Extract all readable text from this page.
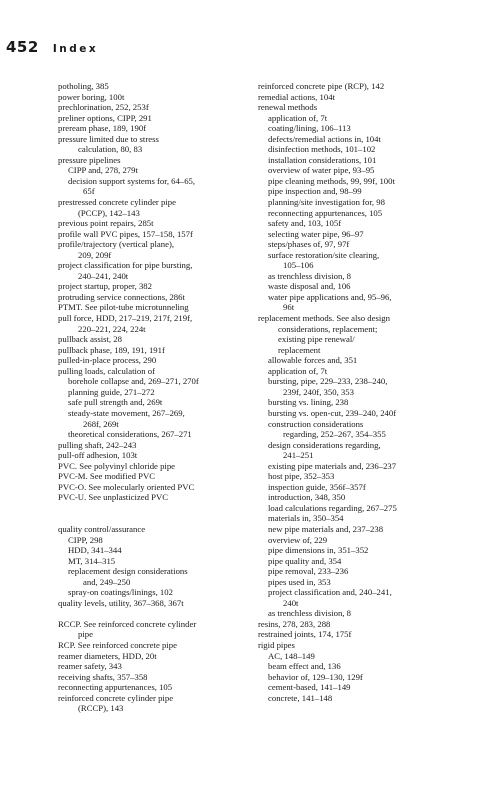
452 Index
potholing, 385
power boring, 100t
prechlorination, 252, 253f
preliner options, CIPP, 291
preream phase, 189, 190f
pressure limited due to stress
calculation, 80, 83
pressure pipelines
CIPP and, 278, 279t
decision support systems for, 64–65,
65f
prestressed concrete cylinder pipe
(PCCP), 142–143
previous point repairs, 285t
profile wall PVC pipes, 157–158, 157f
profile/trajectory (vertical plane),
209, 209f
project classification for pipe bursting,
240–241, 240t
project startup, proper, 382
protruding service connections, 286t
PTMT. See pilot-tube microtunneling
pull force, HDD, 217–219, 217f, 219f,
220–221, 224, 224t
pullback assist, 28
pullback phase, 189, 191, 191f
pulled-in-place process, 290
pulling loads, calculation of
borehole collapse and, 269–271, 270f
planning guide, 271–272
safe pull strength and, 269t
steady-state movement, 267–269,
268f, 269t
theoretical considerations, 267–271
pulling shaft, 242–243
pull-off adhesion, 103t
PVC. See polyvinyl chloride pipe
PVC-M. See modified PVC
PVC-O. See molecularly oriented PVC
PVC-U. See unplasticized PVC
quality control/assurance
CIPP, 298
HDD, 341–344
MT, 314–315
replacement design considerations
and, 249–250
spray-on coatings/linings, 102
quality levels, utility, 367–368, 367t
RCCP. See reinforced concrete cylinder
pipe
RCP. See reinforced concrete pipe
reamer diameters, HDD, 20t
reamer safety, 343
receiving shafts, 357–358
reconnecting appurtenances, 105
reinforced concrete cylinder pipe
(RCCP), 143
reinforced concrete pipe (RCP), 142
remedial actions, 104t
renewal methods
application of, 7t
coating/lining, 106–113
defects/remedial actions in, 104t
disinfection methods, 101–102
installation considerations, 101
overview of water pipe, 93–95
pipe cleaning methods, 99, 99f, 100t
pipe inspection and, 98–99
planning/site investigation for, 98
reconnecting appurtenances, 105
safety and, 103, 105f
selecting water pipe, 96–97
steps/phases of, 97, 97f
surface restoration/site clearing,
105–106
as trenchless division, 8
waste disposal and, 106
water pipe applications and, 95–96,
96t
replacement methods. See also design
considerations, replacement;
existing pipe renewal/
replacement
allowable forces and, 351
application of, 7t
bursting, pipe, 229–233, 238–240,
239f, 240f, 350, 353
bursting vs. lining, 238
bursting vs. open-cut, 239–240, 240f
construction considerations
regarding, 252–267, 354–355
design considerations regarding,
241–251
existing pipe materials and, 236–237
host pipe, 352–353
inspection guide, 356f–357f
introduction, 348, 350
load calculations regarding, 267–275
materials in, 350–354
new pipe materials and, 237–238
overview of, 229
pipe dimensions in, 351–352
pipe quality and, 354
pipe removal, 233–236
pipes used in, 353
project classification and, 240–241,
240t
as trenchless division, 8
resins, 278, 283, 288
restrained joints, 174, 175f
rigid pipes
AC, 148–149
beam effect and, 136
behavior of, 129–130, 129f
cement-based, 141–149
concrete, 141–148
